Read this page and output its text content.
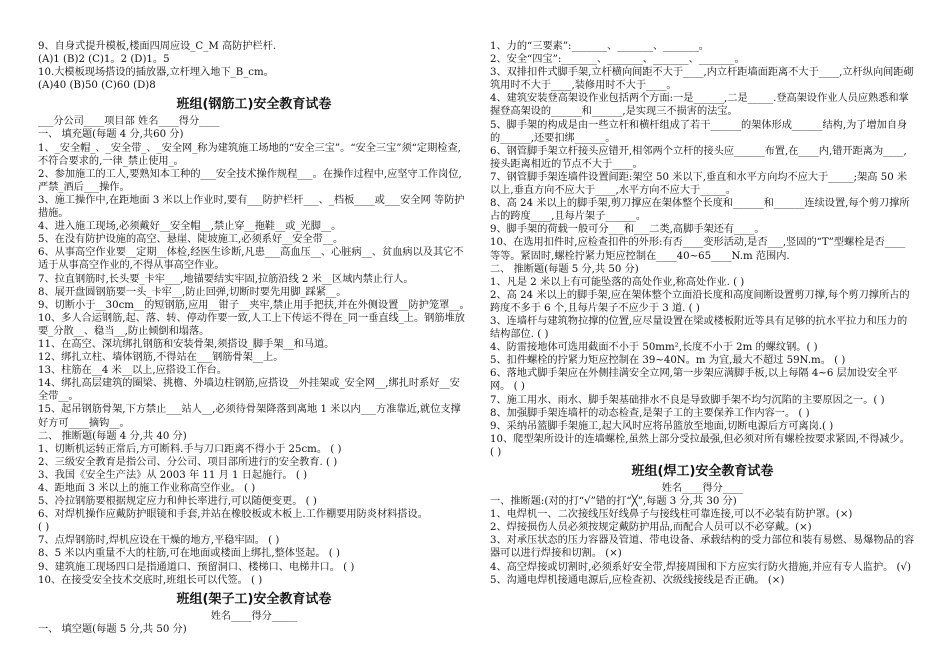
9、自身式提升模板,楼面四周应设_C_M 高防护栏杆.
(A)1 (B)2 (C)1。2 (D)1。5
10.大模板现场搭设的插放器,立杆埋入地下_B_cm。
(A)40 (B)50 (C)60 (D)8
班组(钢筋工)安全教育试卷
___分公司____项目部 姓名____得分____
一、 填充题(每题 4 分,共60 分)
1、_安全帽_、_安全带_、_安全网_称为建筑施工场地的“安全三宝”。“安全三宝”须“定期检查,不符合要求的,一律_禁止使用_。
2、参加施工的工人,要熟知本工种的___安全技术操作规程___。在操作过程中,应坚守工作岗位,严禁_酒后___操作。
3、施工操作中,在距地面 3 米以上作业时,要有___防护栏杆___、_档板____或___安全网 等防护措施。
4、进入施工现场,必须戴好__安全帽__,禁止穿__拖鞋__或_光脚__。
5、在没有防护设施的高空、悬崖、陡坡施工,必须系好__安全带__。
6、从事高空作业要__定期__体检,经医生诊断,凡患___高血压__、心脏病__、贫血病以及其它不适于从事高空作业的,不得从事高空作业。
7、拉直钢筋时,长头要_卡牢___,地锚要结实牢固,拉筋沿线 2 米__区域内禁止行人。
8、展开盘圆钢筋要一头_卡牢__,防止回弹,切断时要先用脚_踩紧__。
9、切断小于__30cm__的短钢筋,应用__钳子__夹牢,禁止用手把扶,并在外侧设置__防护笼罩__。
10、多人合运钢筋,起、落、转、停动作要一致,人工上下传运不得在_同一垂直线_上。钢筋堆放要_分散__、稳当__,防止倾倒和塌落。
11、在高空、深坑绑扎钢筋和安装骨架,须搭设_脚手架__和马道。
12、绑扎立柱、墙体钢筋,不得站在___钢筋骨架__上。
13、柱筋在__4 米__以上,应搭设工作台。
14、绑扎高层建筑的圈梁、挑檐、外墙边柱钢筋,应搭设__外挂架或_安全网__,绑扎时系好__安全带__。
15、起吊钢筋骨架,下方禁止___站人__,必须待骨架降落到离地 1 米以内___方准靠近,就位支撑好方可____摘钩__。
二、 推断题(每题 4 分,共 40 分)
1、切断机运转正常后,方可断料.手与刀口距离不得小于 25cm。 ( )
2、三级安全教育是指公司、分公司、项目部所进行的安全教育. ( )
3、我国《安全生产法》从 2003 年 11 月 1 日起施行。 ( )
4、距地面 3 米以上的施工作业称高空作业。 ( )
5、冷拉钢筋要根据规定应力和伸长率进行,可以随便变更。 ( )
6、对焊机操作应戴防护眼镜和手套,并站在橡胶板或木板上.工作棚要用防炎材料搭设。
( )
7、点焊钢筋时,焊机应设在干燥的地方,平稳牢固。 ( )
8、5 米以内重量不大的柱筋,可在地面或楼面上绑扎,整体竖起。 ( )
9、建筑施工现场四口是指通道口、预留洞口、楼梯口、电梯井口。 ( )
10、在接受安全技术交底时,班组长可以代签。 ( )
班组(架子工)安全教育试卷
姓名____得分_____
一、 填空题(每题 5 分,共 50 分)
1、力的“三要素”:_______、_______、_______。
2、安全“四宝”:_______、_______、_______、_______。
3、双排扣件式脚手架,立杆横向间距不大于____,内立杆距墙面距离不大于____,立杆纵向间距砌筑用时不大于____,装修用时不大于____。
4、建筑安装登高架设作业包括两个方面:一是______,二是_____.登高架设作业人员应熟悉和掌握登高架设的______和______,是实现三不损害的法宝。
5、脚手架的构成是由一些立杆和横杆组成了若干______的架体形成______结构,为了增加自身的______,还要扣绑______。
6、钢管脚手架立杆接头应错开,相邻两个立杆的接头应______布置,在____内,错开距离为____,接头距离相近的节点不大于____。
7、钢管脚手架连墙件设置间距:架空 50 米以下,垂直和水平方向均不应大于_____;架高 50 米以上,垂直方向不应大于____,水平方向不应大于_____。
8、高 24 米以上的脚手架,剪刀撑应在架体整个长度和______和______连续设置,每个剪刀撑所占的跨度____,且每片架子______。
9、脚手架的荷载一般可分___和___二类,高脚手架还有____。
10、在选用扣件时,应检查扣件的外形:有否____变形活动,是否___,竖固的“T”型螺栓是否____等等。紧固时,螺栓拧紧力矩应控制在____40~65____N.m 范围内.
二、 推断题(每题 5 分,共 50 分)
1、凡是 2 米以上有可能坠落的高处作业,称高处作业. ( )
2、高 24 米以上的脚手架,应在架体整个立面沿长度和高度间断设置剪刀撑,每个剪刀撑所占的跨度不多于 6 个,且每片架子不应少于 3 道. ( )
3、连墙杆与建筑物拉撑的位置,应尽量设置在梁或楼板附近等具有足够的抗水平拉力和压力的结构部位. ( )
4、防雷接地体可选用截面不小于 50mm²,长度不小于 2m 的螺纹钢。( )
5、扣件螺栓的拧紧力矩应控制在 39~40N。m 为宜,最大不超过 59N.m。 ( )
6、落地式脚手架应在外侧挂满安全立网,第一步架应满脚手板,以上每隔 4~6 层加设安全平网。 ( )
7、施工用水、雨水、脚手架基础排水不良是导致脚手架不均匀沉陷的主要原因之一。( )
8、加强脚手架连墙杆的动态检查,是架子工的主要保养工作内容一。 ( )
9、采纳吊篮脚手架施工,起大风时应将吊篮放至地面,切断电源后方可离岗.( )
10、爬型架所设计的连墙螺栓,虽然上部分受拉最强,但必须对所有螺栓按要求紧固,不得减少。 ( )
班组(焊工)安全教育试卷
姓名____得分____
一、推断题:(对的打“√”错的打“╳”,每题 3 分,共 30 分)
1、电焊机一、二次接线压好线鼻子与接线柱可靠连接,可以不必装有防护罩。(×)
2、焊接损伤人员必须按规定戴防护用品,而配合人员可以不必穿戴。(×)
3、对承压状态的压力容器及管道、带电设备、承载结构的受力部位和装有易燃、易爆物品的容器可以进行焊接和切割。 (×)
4、高空焊接或切割时,必须系好安全带,焊接周围和下方应实行防火措施,并应有专人监护。 (√)
5、沟通电焊机接通电源后,应检查初、次级线接线是否正确。 (×)
